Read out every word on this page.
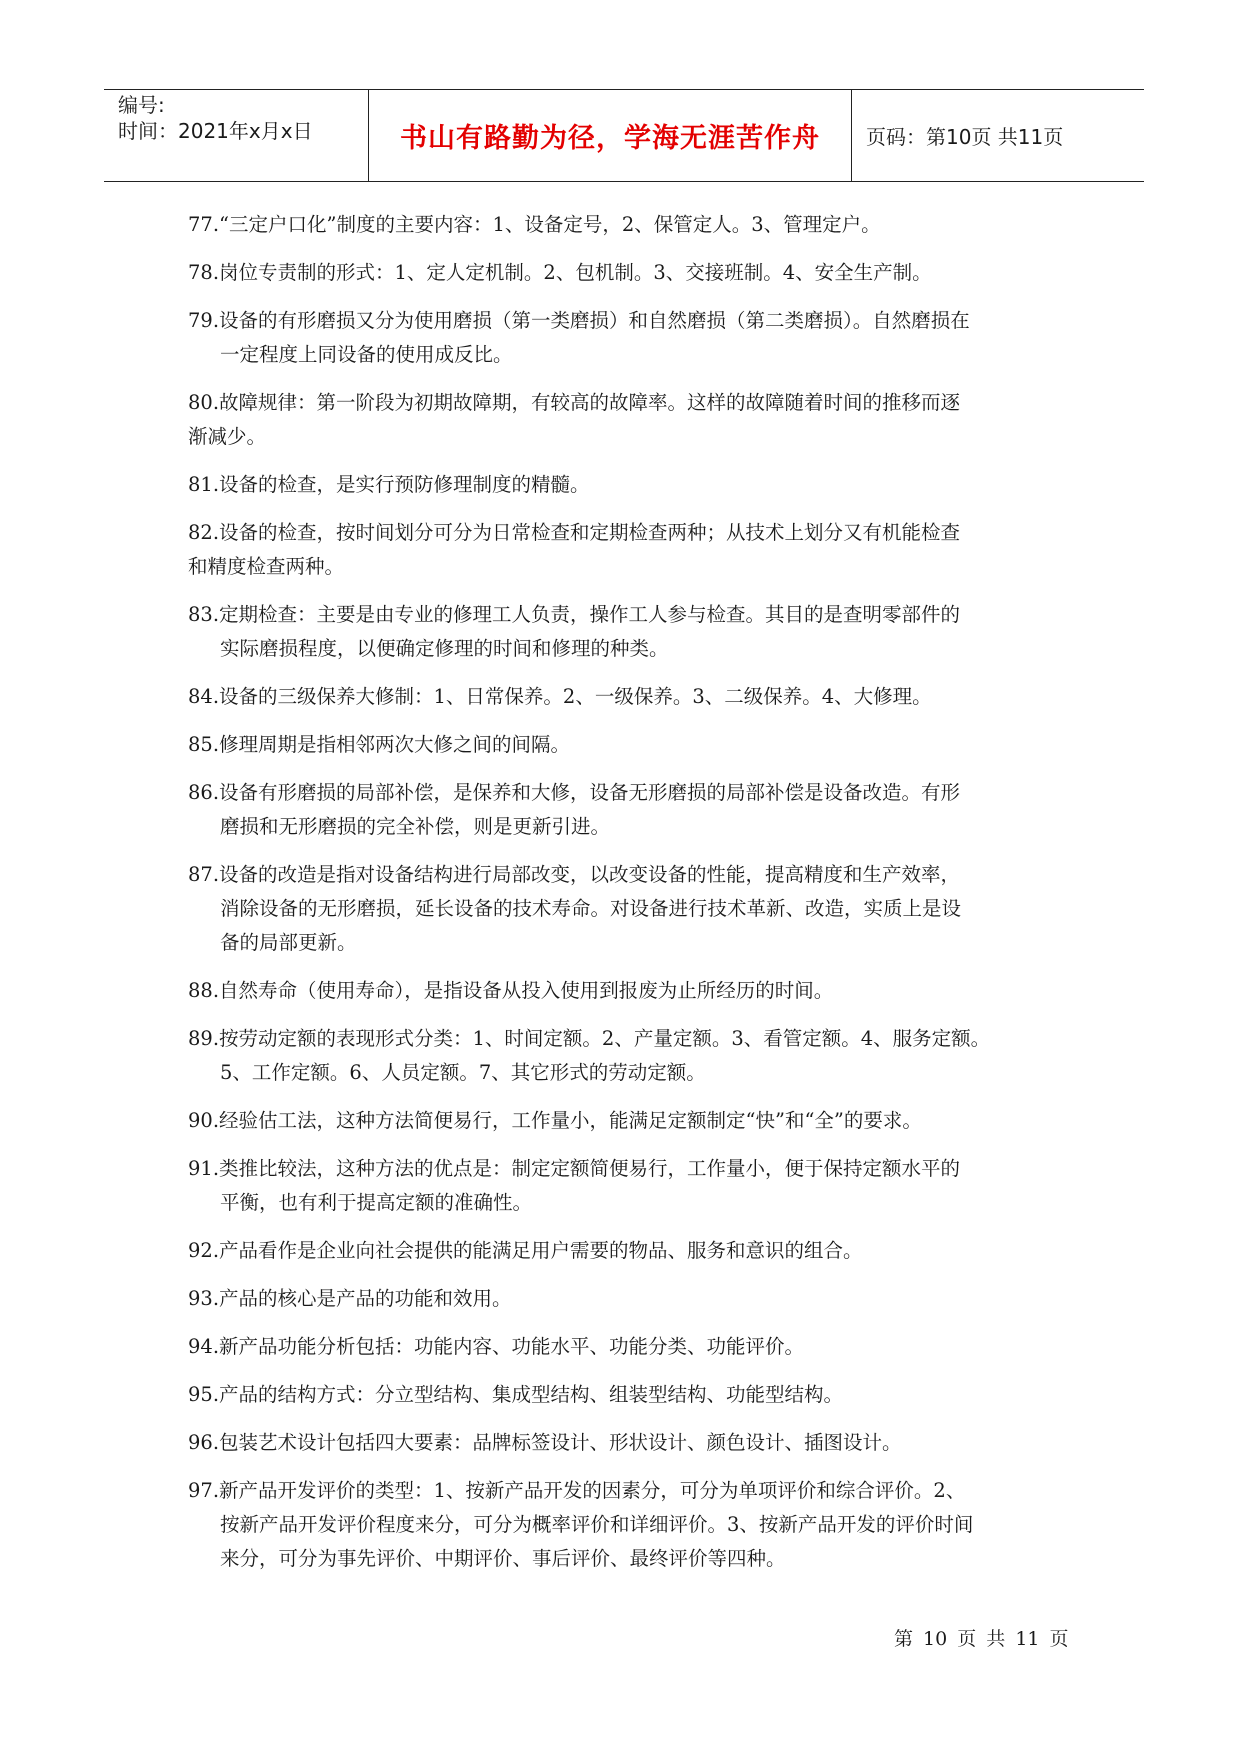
编号:
时间：2021年x月x日	书山有路勤为径，学海无涯苦作舟 页码：第10页 共11页
77.“三定户口化”制度的主要内容：1、设备定号，2、保管定人。3、管理定户。
78.岗位专责制的形式：1、定人定机制。2、包机制。3、交接班制。4、安全生产制。
79.设备的有形磨损又分为使用磨损（第一类磨损）和自然磨损（第二类磨损）。自然磨损在
一定程度上同设备的使用成反比。
80.故障规律：第一阶段为初期故障期，有较高的故障率。这样的故障随着时间的推移而逐
渐减少。
81.设备的检查，是实行预防修理制度的精髓。
82.设备的检查，按时间划分可分为日常检查和定期检查两种；从技术上划分又有机能检查
和精度检查两种。
83.定期检查：主要是由专业的修理工人负责，操作工人参与检查。其目的是查明零部件的
实际磨损程度，以便确定修理的时间和修理的种类。
84.设备的三级保养大修制：1、日常保养。2、一级保养。3、二级保养。4、大修理。
85.修理周期是指相邻两次大修之间的间隔。
86.设备有形磨损的局部补偿，是保养和大修，设备无形磨损的局部补偿是设备改造。有形
磨损和无形磨损的完全补偿，则是更新引进。
87.设备的改造是指对设备结构进行局部改变，以改变设备的性能，提高精度和生产效率，
消除设备的无形磨损，延长设备的技术寿命。对设备进行技术革新、改造，实质上是设
备的局部更新。
88.自然寿命（使用寿命），是指设备从投入使用到报废为止所经历的时间。
89.按劳动定额的表现形式分类：1、时间定额。2、产量定额。3、看管定额。4、服务定额。
5、工作定额。6、人员定额。7、其它形式的劳动定额。
90.经验估工法，这种方法简便易行，工作量小，能满足定额制定“快”和“全”的要求。
91.类推比较法，这种方法的优点是：制定定额简便易行，工作量小，便于保持定额水平的
平衡，也有利于提高定额的准确性。
92.产品看作是企业向社会提供的能满足用户需要的物品、服务和意识的组合。
93.产品的核心是产品的功能和效用。
94.新产品功能分析包括：功能内容、功能水平、功能分类、功能评价。
95.产品的结构方式：分立型结构、集成型结构、组装型结构、功能型结构。
96.包装艺术设计包括四大要素：品牌标签设计、形状设计、颜色设计、插图设计。
97.新产品开发评价的类型：1、按新产品开发的因素分，可分为单项评价和综合评价。2、
按新产品开发评价程度来分，可分为概率评价和详细评价。3、按新产品开发的评价时间
来分，可分为事先评价、中期评价、事后评价、最终评价等四种。
第 10 页 共 11 页
